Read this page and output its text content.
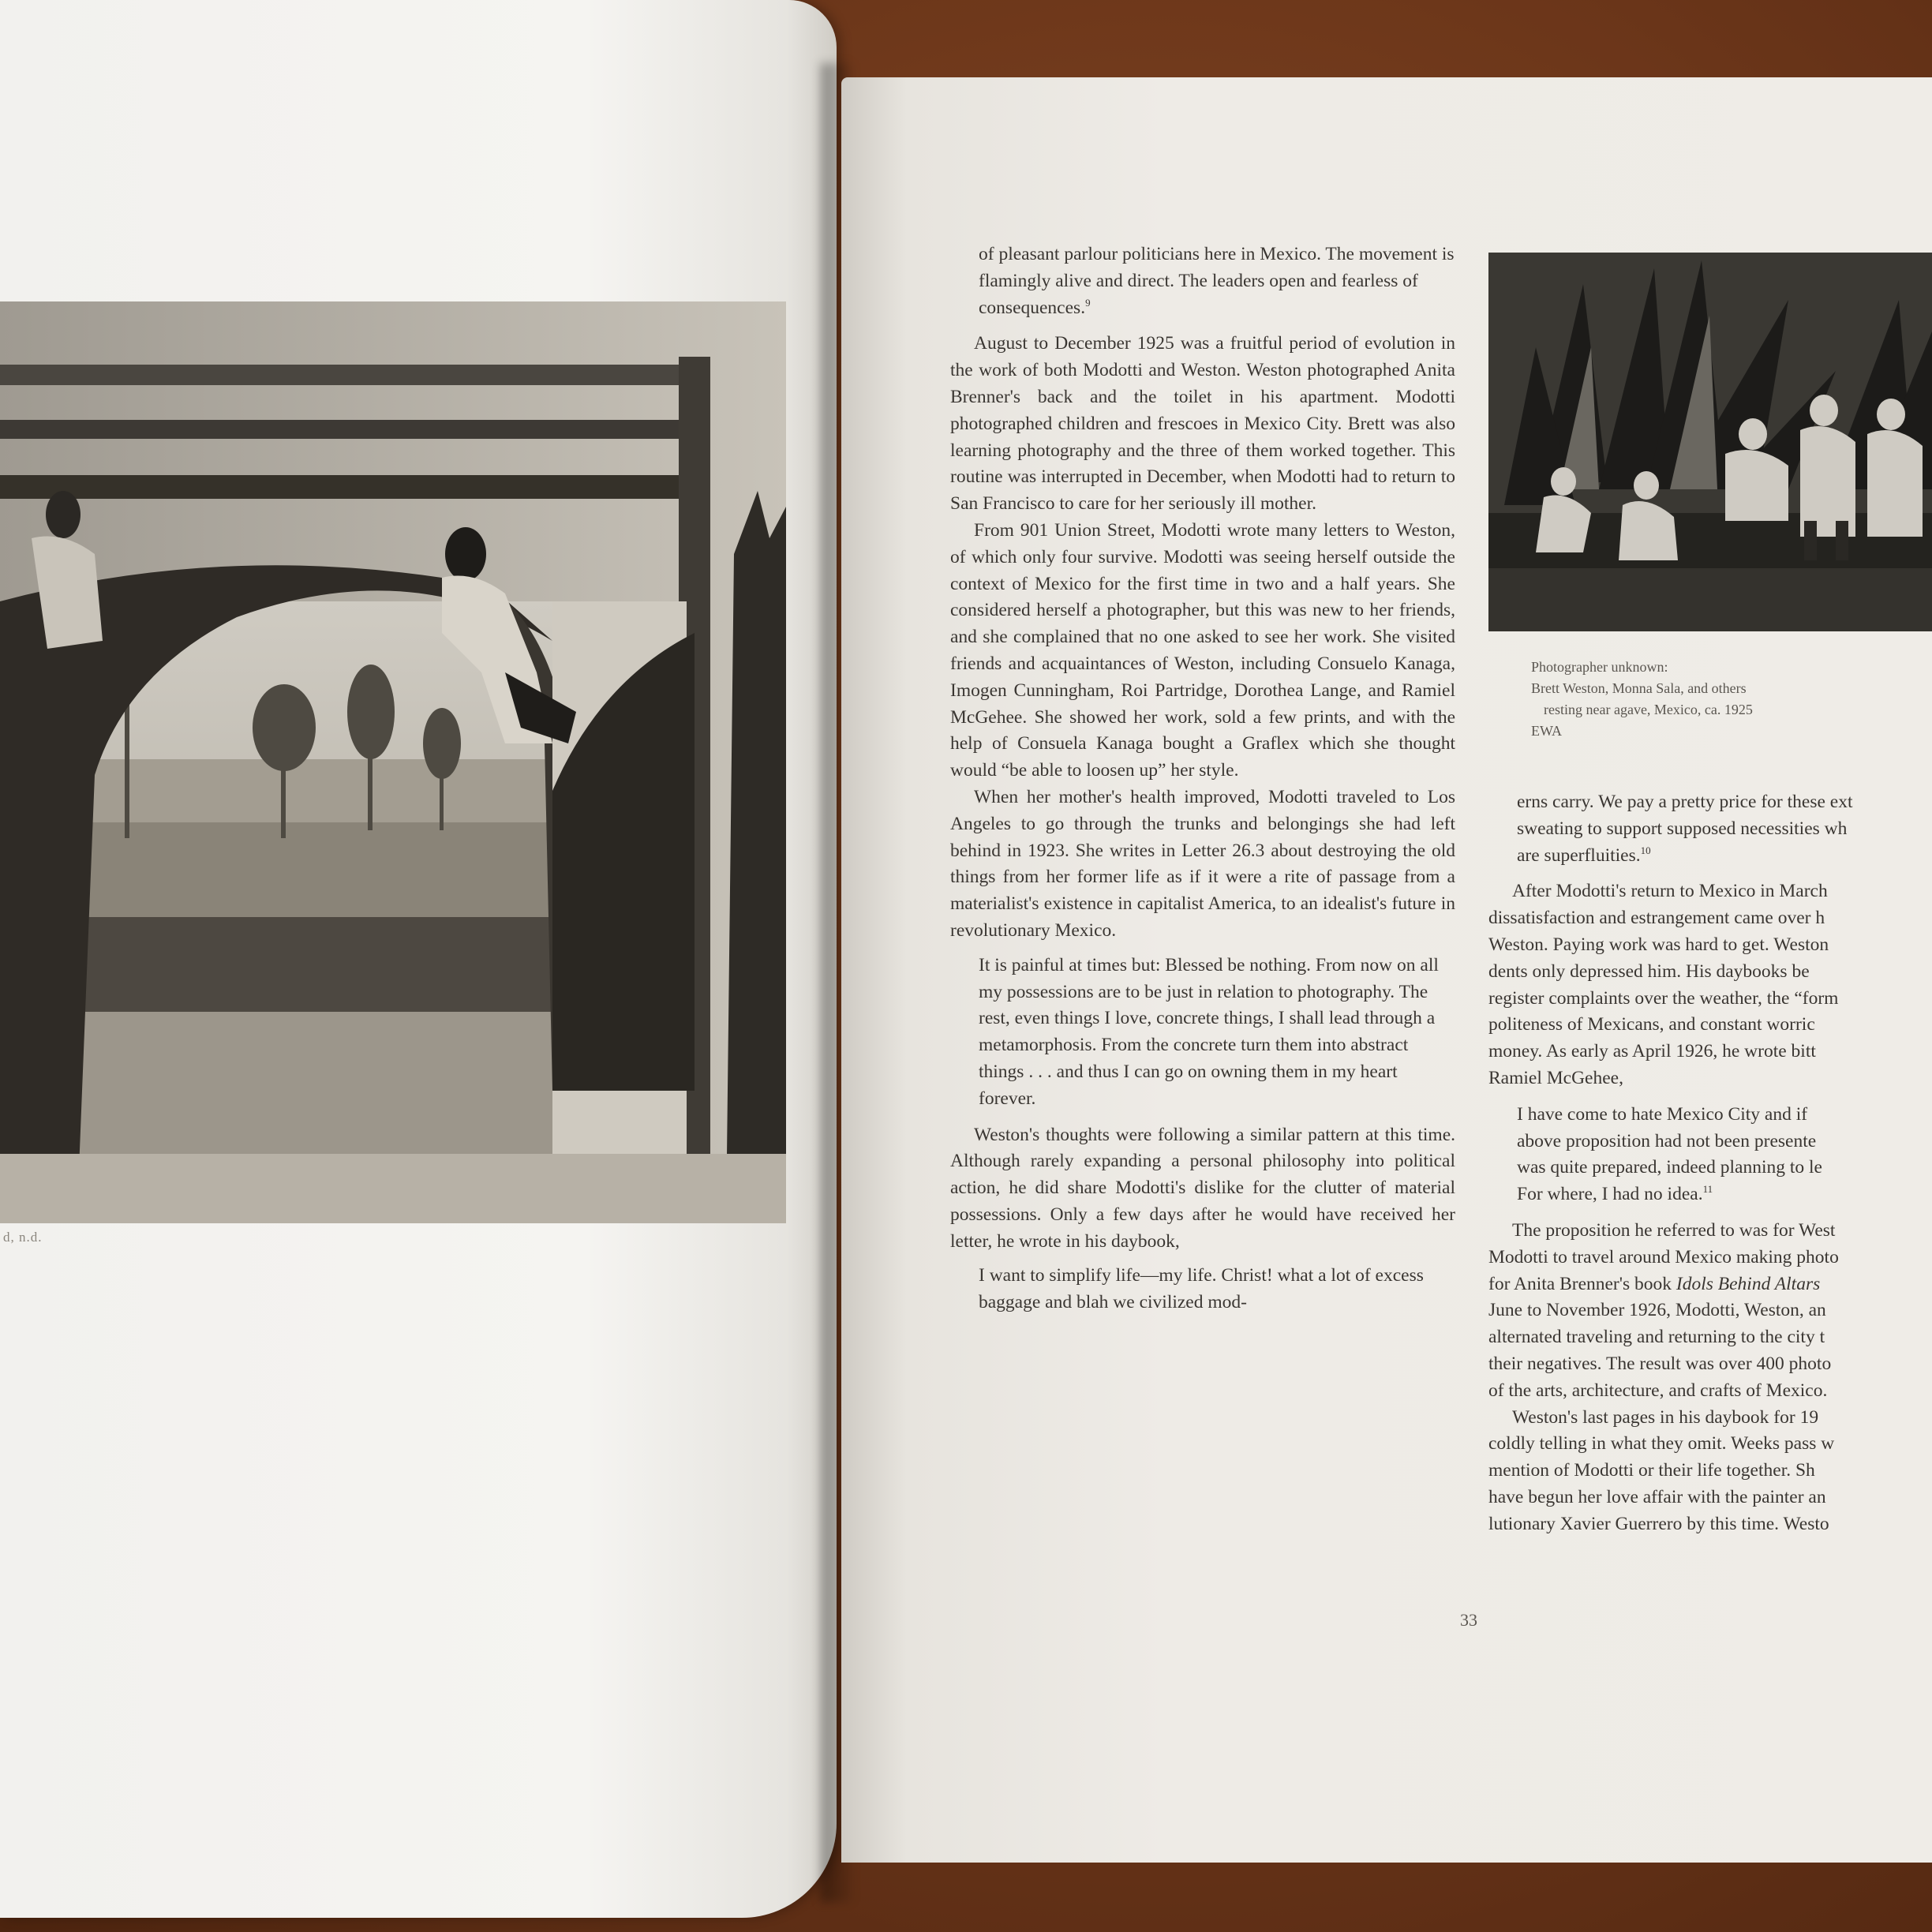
d, n.d.

of pleasant parlour politicians here in Mexico. The movement is flamingly alive and direct. The leaders open and fearless of consequences.$^9$

August to December 1925 was a fruitful period of evolution in the work of both Modotti and Weston. Weston photographed Anita Brenner's back and the toilet in his apartment. Modotti photographed children and frescoes in Mexico City. Brett was also learning photography and the three of them worked together. This routine was interrupted in December, when Modotti had to return to San Francisco to care for her seriously ill mother.

From 901 Union Street, Modotti wrote many letters to Weston, of which only four survive. Modotti was seeing herself outside the context of Mexico for the first time in two and a half years. She considered herself a photographer, but this was new to her friends, and she complained that no one asked to see her work. She visited friends and acquaintances of Weston, including Consuelo Kanaga, Imogen Cunningham, Roi Partridge, Dorothea Lange, and Ramiel McGehee. She showed her work, sold a few prints, and with the help of Consuela Kanaga bought a Graflex which she thought would “be able to loosen up” her style.

When her mother's health improved, Modotti traveled to Los Angeles to go through the trunks and belongings she had left behind in 1923. She writes in Letter 26.3 about destroying the old things from her former life as if it were a rite of passage from a materialist's existence in capitalist America, to an idealist's future in revolutionary Mexico.

It is painful at times but: Blessed be nothing. From now on all my possessions are to be just in relation to photography. The rest, even things I love, concrete things, I shall lead through a metamorphosis. From the concrete turn them into abstract things . . . and thus I can go on owning them in my heart forever.

Weston's thoughts were following a similar pattern at this time. Although rarely expanding a personal philosophy into political action, he did share Modotti's dislike for the clutter of material possessions. Only a few days after he would have received her letter, he wrote in his daybook,

I want to simplify life—my life. Christ! what a lot of excess baggage and blah we civilized mod-

Photographer unknown:
Brett Weston, Monna Sala, and others
resting near agave, Mexico, ca. 1925
EWA
erns carry. We pay a pretty price for these ext
sweating to support supposed necessities wh
are superfluities.$^{10}$
After Modotti's return to Mexico in March
dissatisfaction and estrangement came over h
Weston. Paying work was hard to get. Weston
dents only depressed him. His daybooks be
register complaints over the weather, the “form
politeness of Mexicans, and constant worric
money. As early as April 1926, he wrote bitt
Ramiel McGehee,
I have come to hate Mexico City and if
above proposition had not been presente
was quite prepared, indeed planning to le
For where, I had no idea.$^{11}$
The proposition he referred to was for West
Modotti to travel around Mexico making photo
for Anita Brenner's book Idols Behind Altars
June to November 1926, Modotti, Weston, an
alternated traveling and returning to the city t
their negatives. The result was over 400 photo
of the arts, architecture, and crafts of Mexico.
Weston's last pages in his daybook for 19
coldly telling in what they omit. Weeks pass w
mention of Modotti or their life together. Sh
have begun her love affair with the painter an
lutionary Xavier Guerrero by this time. Westo
33
